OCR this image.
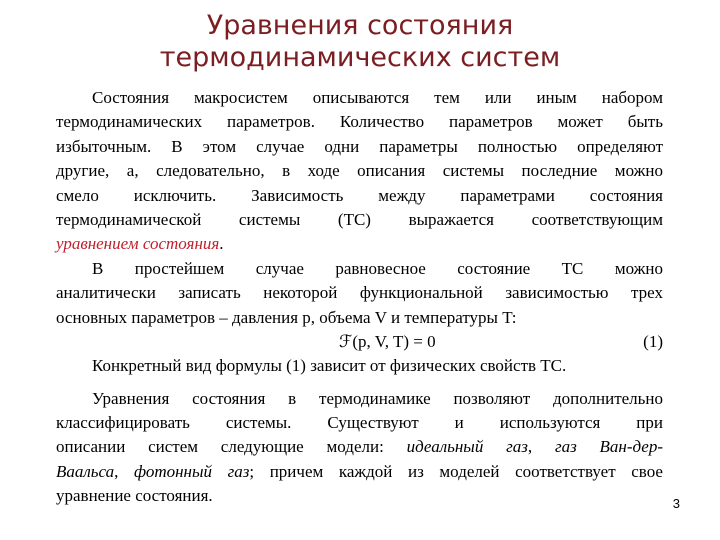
Уравнения состояния
термодинамических систем
Состояния макросистем описываются тем или иным набором
термодинамических параметров. Количество параметров может быть
избыточным. В этом случае одни параметры полностью определяют
другие, а, следовательно, в ходе описания системы последние можно
смело исключить. Зависимость между параметрами состояния
термодинамической системы (ТС) выражается соответствующим
уравнением состояния.
В простейшем случае равновесное состояние ТС можно
аналитически записать некоторой функциональной зависимостью трех
основных параметров – давления p, объема V и температуры T:
ℱ(p, V, T) = 0	(1)
Конкретный вид формулы (1) зависит от физических свойств ТС.
Уравнения состояния в термодинамике позволяют дополнительно
классифицировать системы. Существуют и используются при
описании систем следующие модели: идеальный газ, газ Ван-дер-
Ваальса, фотонный газ; причем каждой из моделей соответствует свое
уравнение состояния.	3
